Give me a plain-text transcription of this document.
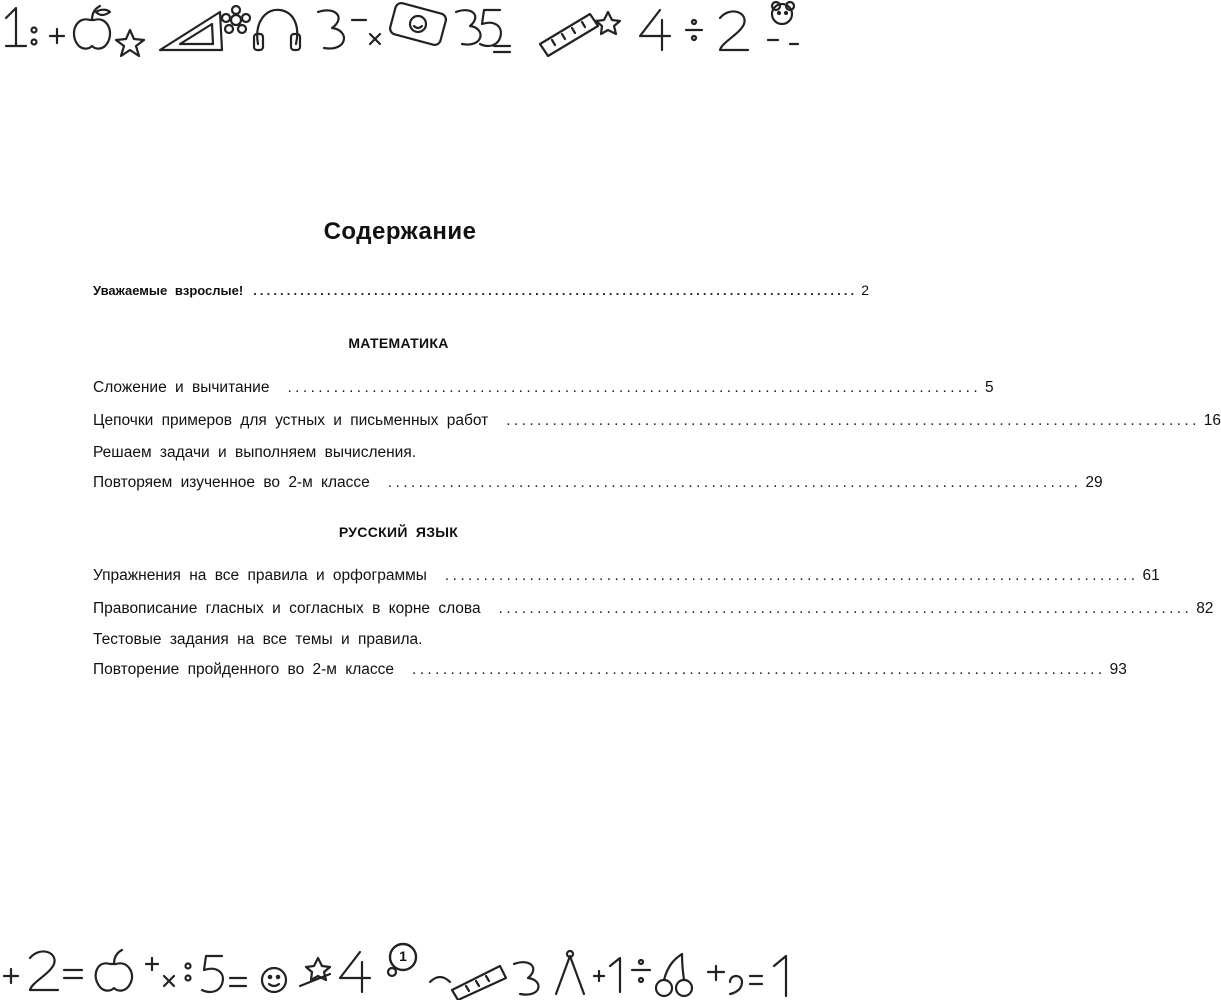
Содержание
Уважаемые взрослые! .......................................................................................... 2
МАТЕМАТИКА
Сложение и вычитание .......................................................................................... 5
Цепочки примеров для устных и письменных работ .......................................................................................... 16
Решаем задачи и выполняем вычисления.
Повторяем изученное во 2-м классе .......................................................................................... 29
РУССКИЙ ЯЗЫК
Упражнения на все правила и орфограммы .......................................................................................... 61
Правописание гласных и согласных в корне слова .......................................................................................... 82
Тестовые задания на все темы и правила.
Повторение пройденного во 2-м классе .......................................................................................... 93
1
